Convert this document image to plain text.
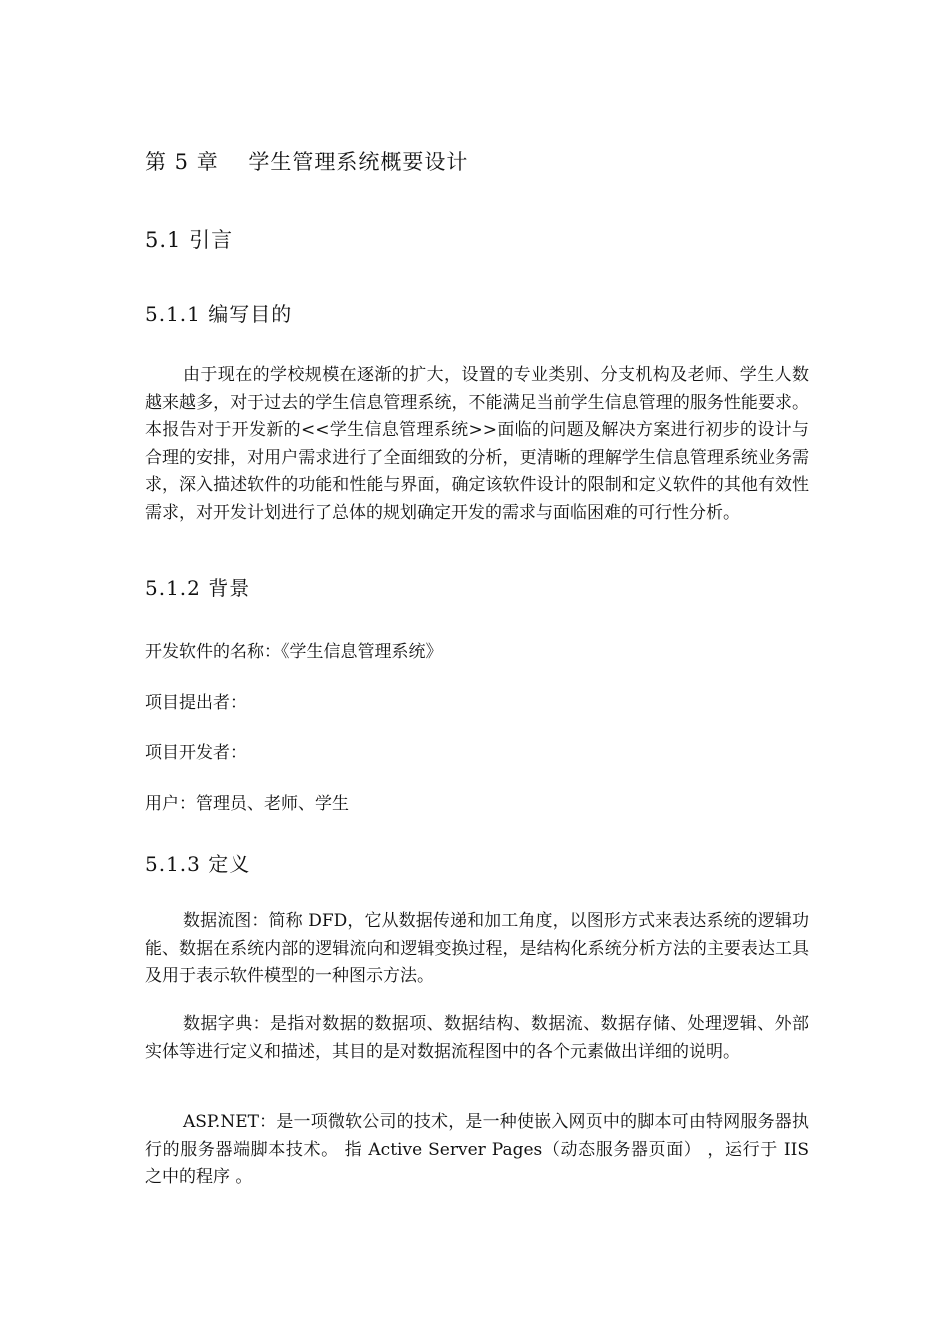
第 5 章　 学生管理系统概要设计
5.1 引言
5.1.1 编写目的

由于现在的学校规模在逐渐的扩大，设置的专业类别、分支机构及老师、学生人数越来越多，对于过去的学生信息管理系统，不能满足当前学生信息管理的服务性能要求。本报告对于开发新的<<学生信息管理系统>>面临的问题及解决方案进行初步的设计与合理的安排，对用户需求进行了全面细致的分析，更清晰的理解学生信息管理系统业务需求，深入描述软件的功能和性能与界面，确定该软件设计的限制和定义软件的其他有效性需求，对开发计划进行了总体的规划确定开发的需求与面临困难的可行性分析。

5.1.2 背景
开发软件的名称：《学生信息管理系统》
项目提出者：
项目开发者：
用户：管理员、老师、学生
5.1.3 定义

数据流图：简称 DFD，它从数据传递和加工角度，以图形方式来表达系统的逻辑功能、数据在系统内部的逻辑流向和逻辑变换过程，是结构化系统分析方法的主要表达工具及用于表示软件模型的一种图示方法。

数据字典：是指对数据的数据项、数据结构、数据流、数据存储、处理逻辑、外部实体等进行定义和描述，其目的是对数据流程图中的各个元素做出详细的说明。

ASP.NET：是一项微软公司的技术，是一种使嵌入网页中的脚本可由特网服务器执行的服务器端脚本技术。 指 Active Server Pages（动态服务器页面） ，运行于 IIS 之中的程序 。
